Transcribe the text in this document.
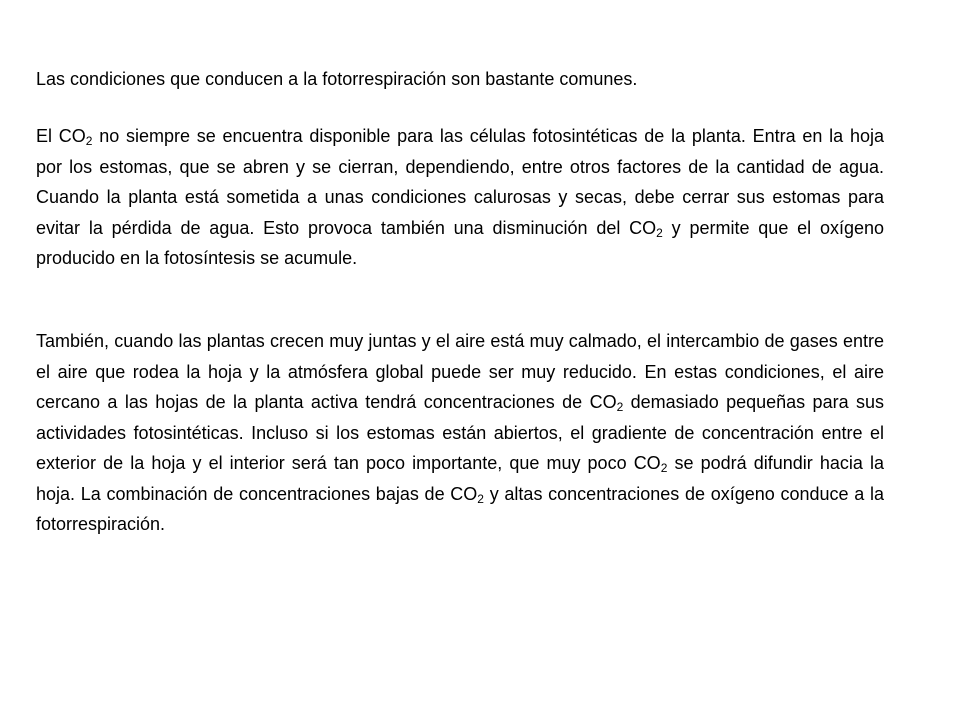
Las condiciones que conducen a la fotorrespiración son bastante comunes.

El $CO_2$ no siempre se encuentra disponible para las células fotosintéticas de la planta. Entra en la hoja por los estomas, que se abren y se cierran, dependiendo, entre otros factores de la cantidad de agua. Cuando la planta está sometida a unas condiciones calurosas y secas, debe cerrar sus estomas para evitar la pérdida de agua. Esto provoca también una disminución del $CO_2$ y permite que el oxígeno producido en la fotosíntesis se acumule.

También, cuando las plantas crecen muy juntas y el aire está muy calmado, el intercambio de gases entre el aire que rodea la hoja y la atmósfera global puede ser muy reducido. En estas condiciones, el aire cercano a las hojas de la planta activa tendrá concentraciones de $CO_2$ demasiado pequeñas para sus actividades fotosintéticas. Incluso si los estomas están abiertos, el gradiente de concentración entre el exterior de la hoja y el interior será tan poco importante, que muy poco $CO_2$ se podrá difundir hacia la hoja. La combinación de concentraciones bajas de $CO_2$ y altas concentraciones de oxígeno conduce a la fotorrespiración.
